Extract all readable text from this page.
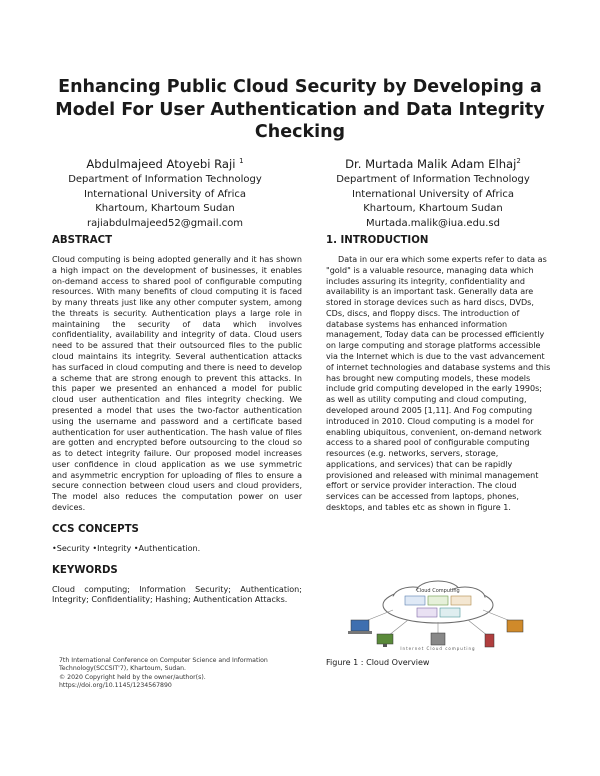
Enhancing Public Cloud Security by Developing a Model For User Authentication and Data Integrity Checking
Abdulmajeed Atoyebi Raji $^1$
Department of Information Technology
International University of Africa
Khartoum, Khartoum Sudan
rajiabdulmajeed52@gmail.com
Dr. Murtada Malik Adam Elhaj$^2$
Department of Information Technology
International University of Africa
Khartoum, Khartoum Sudan
Murtada.malik@iua.edu.sd
ABSTRACT

Cloud computing is being adopted generally and it has shown a high impact on the development of businesses, it enables on-demand access to shared pool of configurable computing resources. With many benefits of cloud computing it is faced by many threats just like any other computer system, among the threats is security. Authentication plays a large role in maintaining the security of data which involves confidentiality, availability and integrity of data. Cloud users need to be assured that their outsourced files to the public cloud maintains its integrity. Several authentication attacks has surfaced in cloud computing and there is need to develop a scheme that are strong enough to prevent this attacks. In this paper we presented an enhanced a model for public cloud user authentication and files integrity checking. We presented a model that uses the two-factor authentication using the username and password and a certificate based authentication for user authentication. The hash value of files are gotten and encrypted before outsourcing to the cloud so as to detect integrity failure. Our proposed model increases user confidence in cloud application as we use symmetric and asymmetric encryption for uploading of files to ensure a secure connection between cloud users and cloud providers, The model also reduces the computation power on user devices.

CCS CONCEPTS

•Security •Integrity •Authentication.

KEYWORDS

Cloud computing; Information Security; Authentication; Integrity; Confidentiality; Hashing; Authentication Attacks.

7th International Conference on Computer Science and Information Technology(SCCSIT'7), Khartoum, Sudan.
© 2020 Copyright held by the owner/author(s).
https://doi.org/10.1145/1234567890
1. INTRODUCTION

Data in our era which some experts refer to data as "gold" is a valuable resource, managing data which includes assuring its integrity, confidentiality and availability is an important task. Generally data are stored in storage devices such as hard discs, DVDs, CDs, discs, and floppy discs. The introduction of database systems has enhanced information management, Today data can be processed efficiently on large computing and storage platforms accessible via the Internet which is due to the vast advancement of internet technologies and database systems and this has brought new computing models, these models include grid computing developed in the early 1990s; as well as utility computing and cloud computing, developed around 2005 [1,11]. And Fog computing introduced in 2010. Cloud computing is a model for enabling ubiquitous, convenient, on-demand network access to a shared pool of configurable computing resources (e.g. networks, servers, storage, applications, and services) that can be rapidly provisioned and released with minimal management effort or service provider interaction. The cloud services can be accessed from laptops, phones, desktops, and tables etc as shown in figure 1.

Cloud Computing
Internet Cloud computing
Figure 1 : Cloud Overview
